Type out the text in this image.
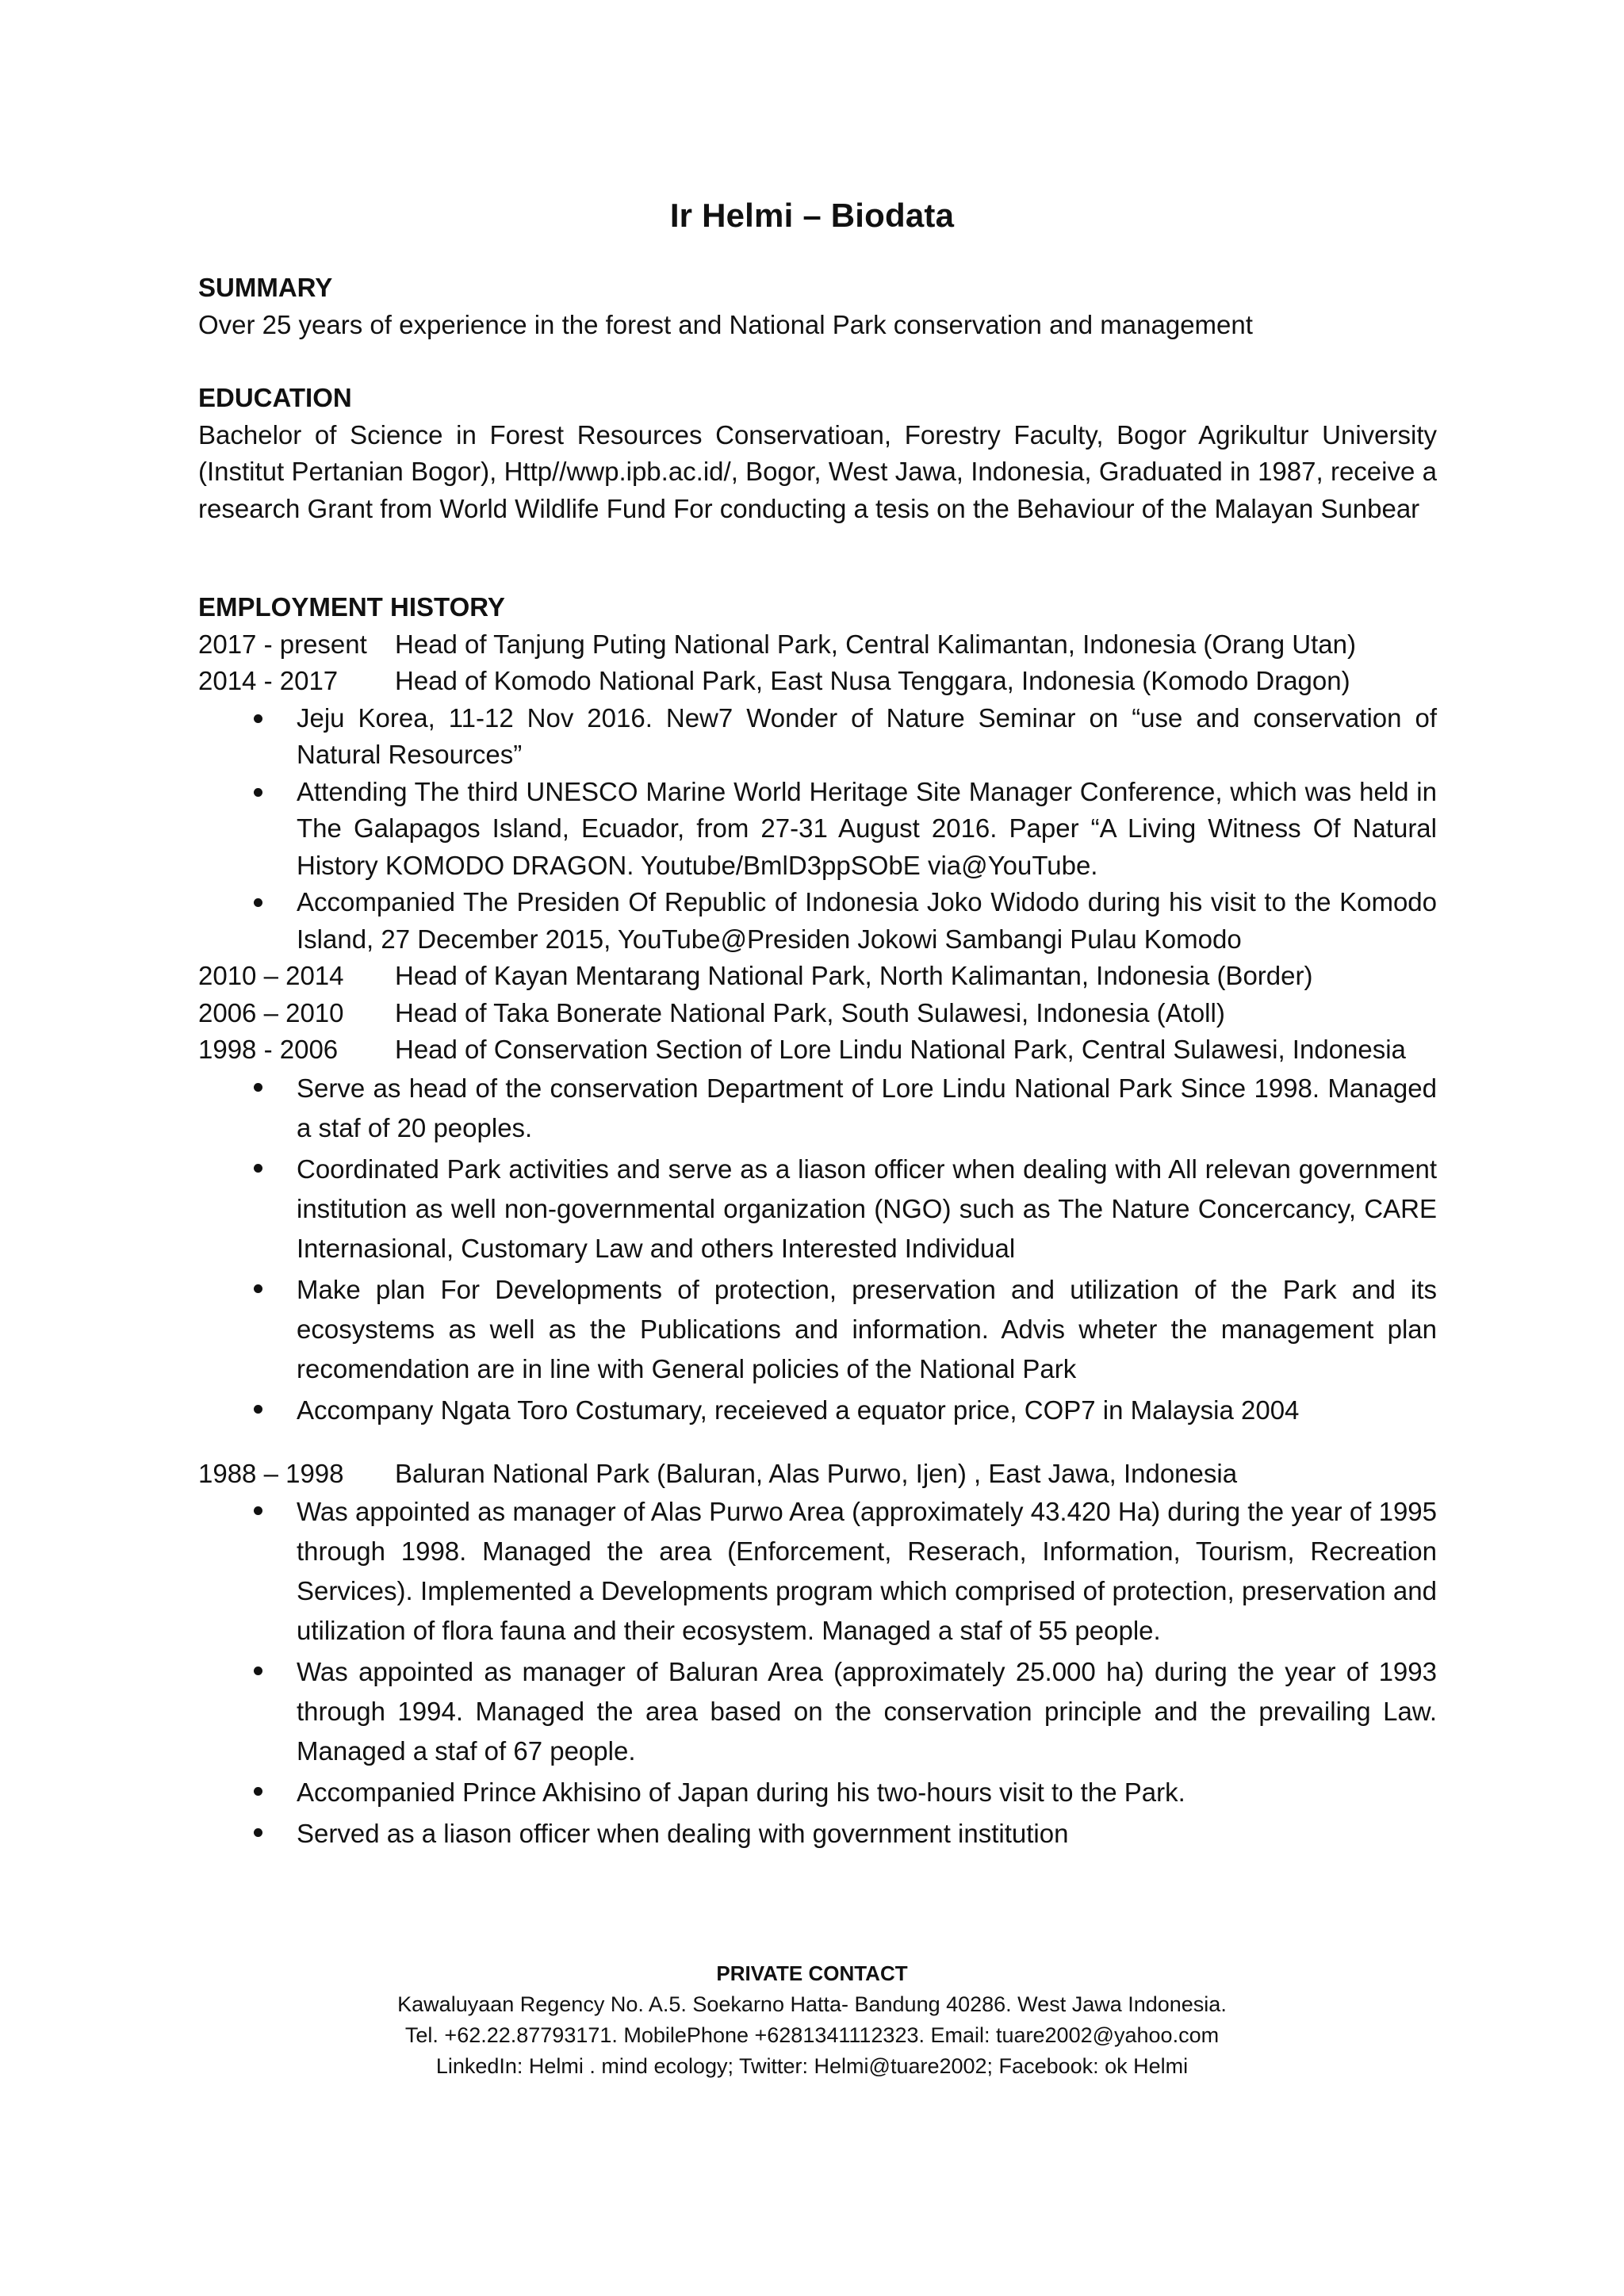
Ir Helmi – Biodata
SUMMARY
Over 25 years of experience in the forest and National Park conservation and management
EDUCATION
Bachelor of Science in Forest Resources Conservatioan, Forestry Faculty, Bogor Agrikultur University (Institut Pertanian Bogor), Http//wwp.ipb.ac.id/, Bogor, West Jawa, Indonesia, Graduated in 1987, receive a research Grant from World Wildlife Fund For conducting a tesis on the Behaviour of the Malayan Sunbear
EMPLOYMENT HISTORY
2017 - present	Head of Tanjung Puting National Park, Central Kalimantan, Indonesia (Orang Utan)
2014 - 2017	Head of Komodo National Park, East Nusa Tenggara, Indonesia (Komodo Dragon)
Jeju Korea, 11-12 Nov 2016. New7 Wonder of Nature Seminar on “use and conservation of Natural Resources”
Attending The third UNESCO Marine World Heritage Site Manager Conference, which was held in The Galapagos Island, Ecuador, from 27-31 August 2016. Paper “A Living Witness Of Natural History KOMODO DRAGON. Youtube/BmlD3ppSObE via@YouTube.
Accompanied The Presiden Of Republic of Indonesia Joko Widodo during his visit to the Komodo Island, 27 December 2015, YouTube@Presiden Jokowi Sambangi Pulau Komodo
2010 – 2014	Head of Kayan Mentarang National Park, North Kalimantan, Indonesia (Border)
2006 – 2010	Head of Taka Bonerate National Park, South Sulawesi, Indonesia (Atoll)
1998 - 2006	Head of Conservation Section of Lore Lindu National Park, Central Sulawesi, Indonesia
Serve as head of the conservation Department of Lore Lindu National Park Since 1998. Managed a staf of 20 peoples.
Coordinated Park activities and serve as a liason officer when dealing with All relevan government institution as well non-governmental organization (NGO) such as The Nature Concercancy, CARE Internasional, Customary Law and others Interested Individual
Make plan For Developments of protection, preservation and utilization of the Park and its ecosystems as well as the Publications and information. Advis wheter the management plan recomendation are in line with General policies of the National Park
Accompany Ngata Toro Costumary, receieved a equator price, COP7 in Malaysia 2004
1988 – 1998	Baluran National Park (Baluran, Alas Purwo, Ijen) , East Jawa, Indonesia
Was appointed as manager of Alas Purwo Area (approximately 43.420 Ha) during the year of 1995 through 1998. Managed the area (Enforcement, Reserach, Information, Tourism, Recreation Services). Implemented a Developments program which comprised of protection, preservation and utilization of flora fauna and their ecosystem. Managed a staf of 55 people.
Was appointed as manager of Baluran Area (approximately 25.000 ha) during the year of 1993 through 1994. Managed the area based on the conservation principle and the prevailing Law. Managed a staf of 67 people.
Accompanied Prince Akhisino of Japan during his two-hours visit to the Park.
Served as a liason officer when dealing with government institution
PRIVATE CONTACT
Kawaluyaan Regency No. A.5. Soekarno Hatta- Bandung 40286. West Jawa Indonesia.
Tel. +62.22.87793171. MobilePhone +6281341112323. Email: tuare2002@yahoo.com
LinkedIn: Helmi . mind ecology; Twitter: Helmi@tuare2002; Facebook: ok Helmi
